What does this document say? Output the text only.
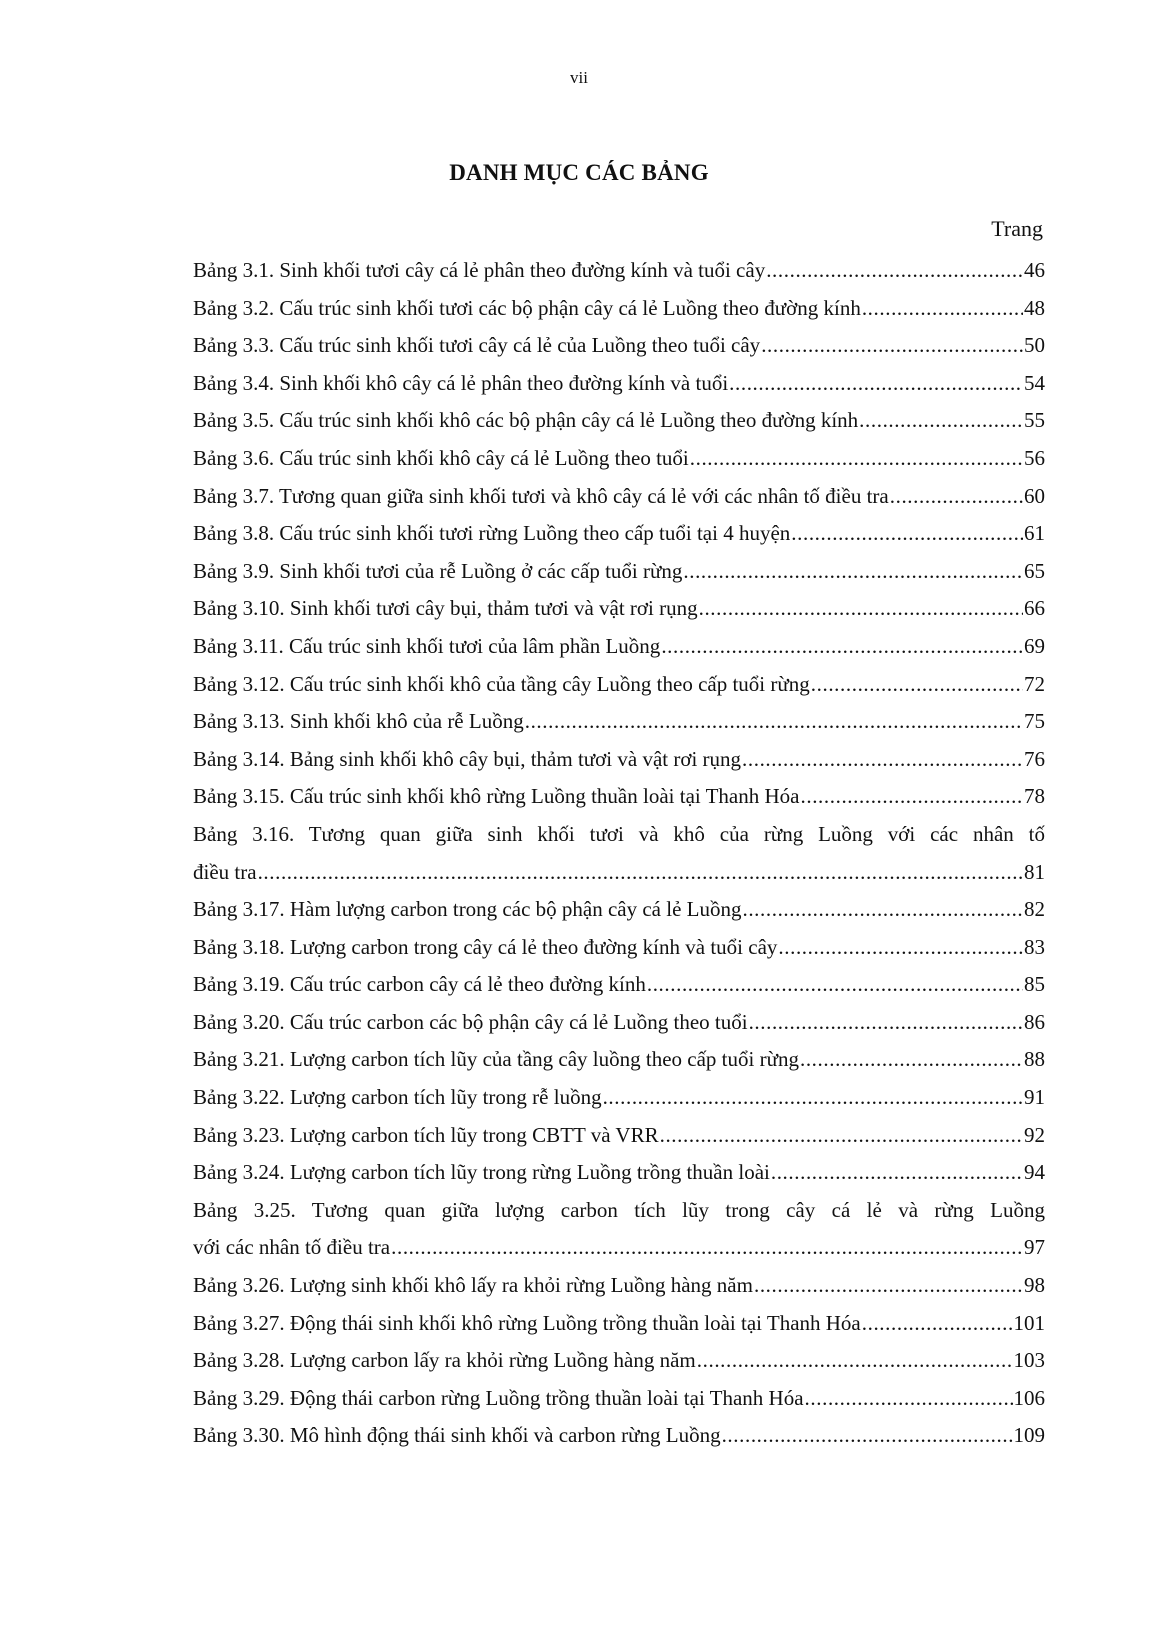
vii
DANH MỤC CÁC BẢNG
Trang
Bảng 3.1. Sinh khối tươi cây cá lẻ phân theo đường kính và tuổi cây .....	46
Bảng 3.2. Cấu trúc sinh khối tươi các bộ phận cây cá lẻ Luồng theo đường kính .....	48
Bảng 3.3. Cấu trúc sinh khối tươi cây cá lẻ của Luồng theo tuổi cây .....	50
Bảng 3.4. Sinh khối khô cây cá lẻ phân theo đường kính và tuổi .....	54
Bảng 3.5. Cấu trúc sinh khối khô các bộ phận cây cá lẻ Luồng theo đường kính .....	55
Bảng 3.6. Cấu trúc sinh khối khô cây cá lẻ Luồng theo tuổi .....	56
Bảng 3.7. Tương quan giữa sinh khối tươi và khô cây cá lẻ với các nhân tố điều tra .....	60
Bảng 3.8. Cấu trúc sinh khối tươi rừng Luồng theo cấp tuổi tại 4 huyện .....	61
Bảng 3.9. Sinh khối tươi của rễ Luồng ở các cấp tuổi rừng .....	65
Bảng 3.10. Sinh khối tươi cây bụi, thảm tươi và vật rơi rụng .....	66
Bảng 3.11. Cấu trúc sinh khối tươi của lâm phần Luồng .....	69
Bảng 3.12. Cấu trúc sinh khối khô của tầng cây Luồng theo cấp tuổi rừng .....	72
Bảng 3.13. Sinh khối khô của rễ Luồng .....	75
Bảng 3.14. Bảng sinh khối khô cây bụi, thảm tươi và vật rơi rụng .....	76
Bảng 3.15. Cấu trúc sinh khối khô rừng Luồng thuần loài tại Thanh Hóa .....	78
Bảng 3.16. Tương quan giữa sinh khối tươi và khô của rừng Luồng với các nhân tố
điều tra .....	81
Bảng 3.17. Hàm lượng carbon trong các bộ phận cây cá lẻ Luồng .....	82
Bảng 3.18. Lượng carbon trong cây cá lẻ theo đường kính và tuổi cây .....	83
Bảng 3.19. Cấu trúc carbon cây cá lẻ theo đường kính .....	85
Bảng 3.20. Cấu trúc carbon các bộ phận cây cá lẻ Luồng theo tuổi .....	86
Bảng 3.21. Lượng carbon tích lũy của tầng cây luồng theo cấp tuổi rừng .....	88
Bảng 3.22. Lượng carbon tích lũy trong rễ luồng .....	91
Bảng 3.23. Lượng carbon tích lũy trong CBTT và VRR .....	92
Bảng 3.24. Lượng carbon tích lũy trong rừng Luồng trồng thuần loài .....	94
Bảng 3.25. Tương quan giữa lượng carbon tích lũy trong cây cá lẻ và rừng Luồng
với các nhân tố điều tra .....	97
Bảng 3.26. Lượng sinh khối khô lấy ra khỏi rừng Luồng hàng năm .....	98
Bảng 3.27. Động thái sinh khối khô rừng Luồng trồng thuần loài tại Thanh Hóa .....	101
Bảng 3.28. Lượng carbon lấy ra khỏi rừng Luồng hàng năm .....	103
Bảng 3.29. Động thái carbon rừng Luồng trồng thuần loài tại Thanh Hóa .....	106
Bảng 3.30. Mô hình động thái sinh khối và carbon rừng Luồng .....	109
